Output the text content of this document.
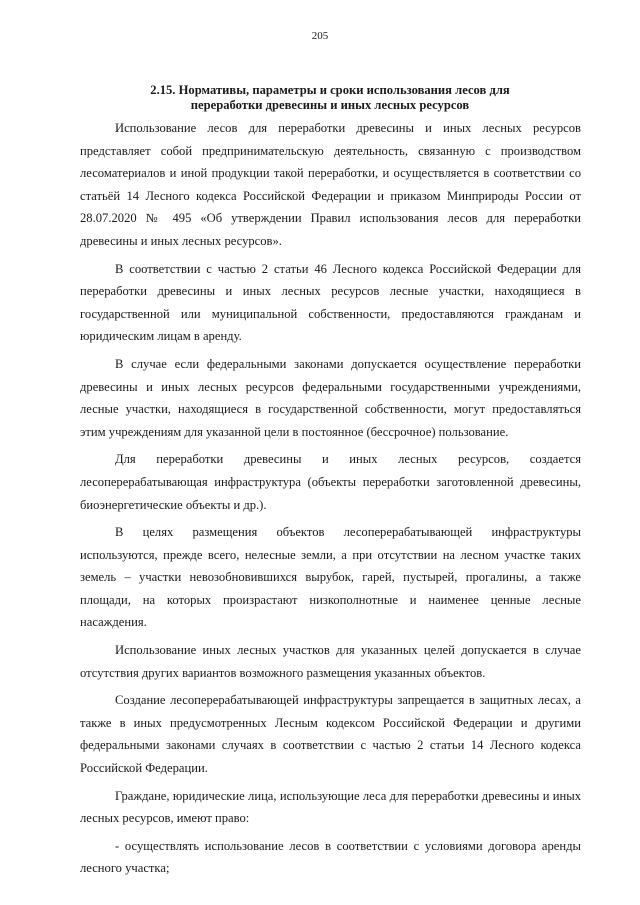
205
2.15. Нормативы, параметры и сроки использования лесов для
переработки древесины и иных лесных ресурсов

Использование лесов для переработки древесины и иных лесных ресурсов представляет собой предпринимательскую деятельность, связанную с производством лесоматериалов и иной продукции такой переработки, и осуществляется в соответствии со статьёй 14 Лесного кодекса Российской Федерации и приказом Минприроды России от 28.07.2020 № 495 «Об утверждении Правил использования лесов для переработки древесины и иных лесных ресурсов».

В соответствии с частью 2 статьи 46 Лесного кодекса Российской Федерации для переработки древесины и иных лесных ресурсов лесные участки, находящиеся в государственной или муниципальной собственности, предоставляются гражданам и юридическим лицам в аренду.

В случае если федеральными законами допускается осуществление переработки древесины и иных лесных ресурсов федеральными государственными учреждениями, лесные участки, находящиеся в государственной собственности, могут предоставляться этим учреждениям для указанной цели в постоянное (бессрочное) пользование.

Для переработки древесины и иных лесных ресурсов, создается лесоперерабатывающая инфраструктура (объекты переработки заготовленной древесины, биоэнергетические объекты и др.).

В целях размещения объектов лесоперерабатывающей инфраструктуры используются, прежде всего, нелесные земли, а при отсутствии на лесном участке таких земель – участки невозобновившихся вырубок, гарей, пустырей, прогалины, а также площади, на которых произрастают низкополнотные и наименее ценные лесные насаждения.

Использование иных лесных участков для указанных целей допускается в случае отсутствия других вариантов возможного размещения указанных объектов.

Создание лесоперерабатывающей инфраструктуры запрещается в защитных лесах, а также в иных предусмотренных Лесным кодексом Российской Федерации и другими федеральными законами случаях в соответствии с частью 2 статьи 14 Лесного кодекса Российской Федерации.

Граждане, юридические лица, использующие леса для переработки древесины и иных лесных ресурсов, имеют право:

- осуществлять использование лесов в соответствии с условиями договора аренды лесного участка;
